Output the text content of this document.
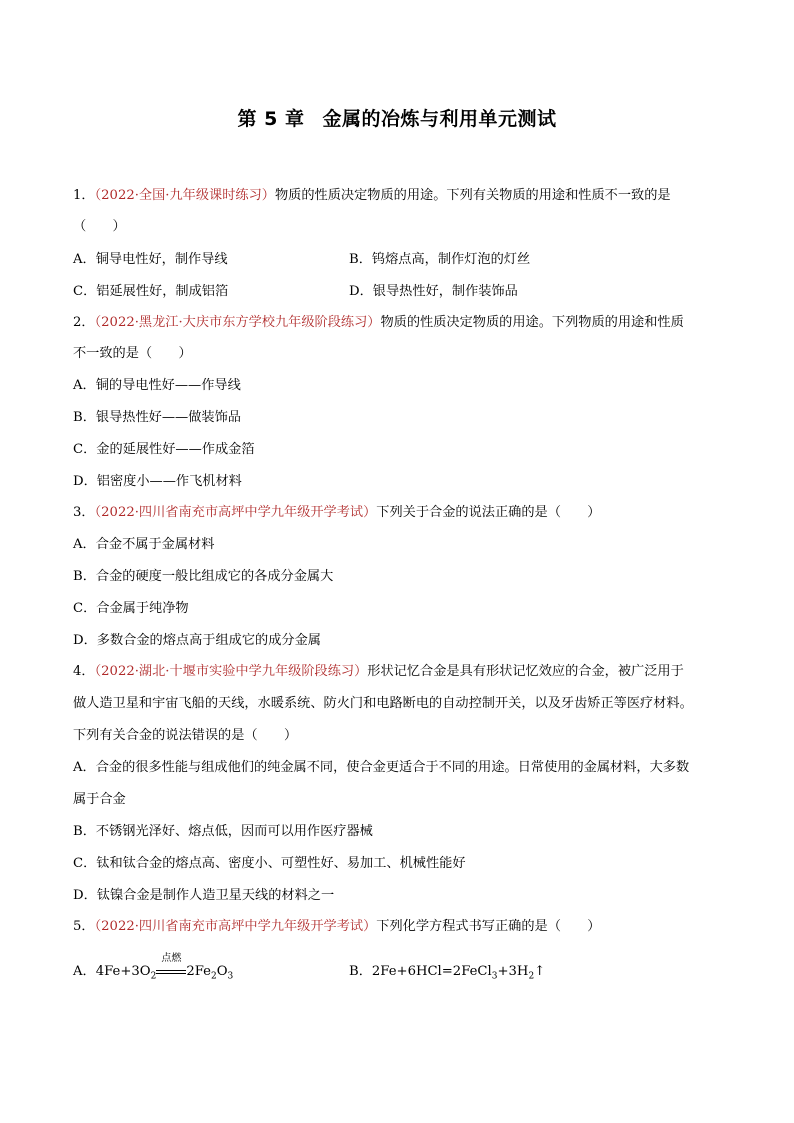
第 5 章 金属的冶炼与利用单元测试
1．（2022·全国·九年级课时练习）物质的性质决定物质的用途。下列有关物质的用途和性质不一致的是
（　　）
A．铜导电性好，制作导线	B．钨熔点高，制作灯泡的灯丝
C．铝延展性好，制成铝箔	D．银导热性好，制作装饰品
2．（2022·黑龙江·大庆市东方学校九年级阶段练习）物质的性质决定物质的用途。下列物质的用途和性质
不一致的是（　　）
A．铜的导电性好——作导线
B．银导热性好——做装饰品
C．金的延展性好——作成金箔
D．铝密度小——作飞机材料
3．（2022·四川省南充市高坪中学九年级开学考试）下列关于合金的说法正确的是（　　）
A．合金不属于金属材料
B．合金的硬度一般比组成它的各成分金属大
C．合金属于纯净物
D．多数合金的熔点高于组成它的成分金属
4．（2022·湖北·十堰市实验中学九年级阶段练习）形状记忆合金是具有形状记忆效应的合金，被广泛用于
做人造卫星和宇宙飞船的天线，水暖系统、防火门和电路断电的自动控制开关，以及牙齿矫正等医疗材料。
下列有关合金的说法错误的是（　　）
A．合金的很多性能与组成他们的纯金属不同，使合金更适合于不同的用途。日常使用的金属材料，大多数
属于合金
B．不锈钢光泽好、熔点低，因而可以用作医疗器械
C．钛和钛合金的熔点高、密度小、可塑性好、易加工、机械性能好
D．钛镍合金是制作人造卫星天线的材料之一
5．（2022·四川省南充市高坪中学九年级开学考试）下列化学方程式书写正确的是（　　）
A．$4Fe+3O_2$
点燃
$2Fe_2O_3$	B．$2Fe+6HCl=2FeCl_3+3H_2↑$
